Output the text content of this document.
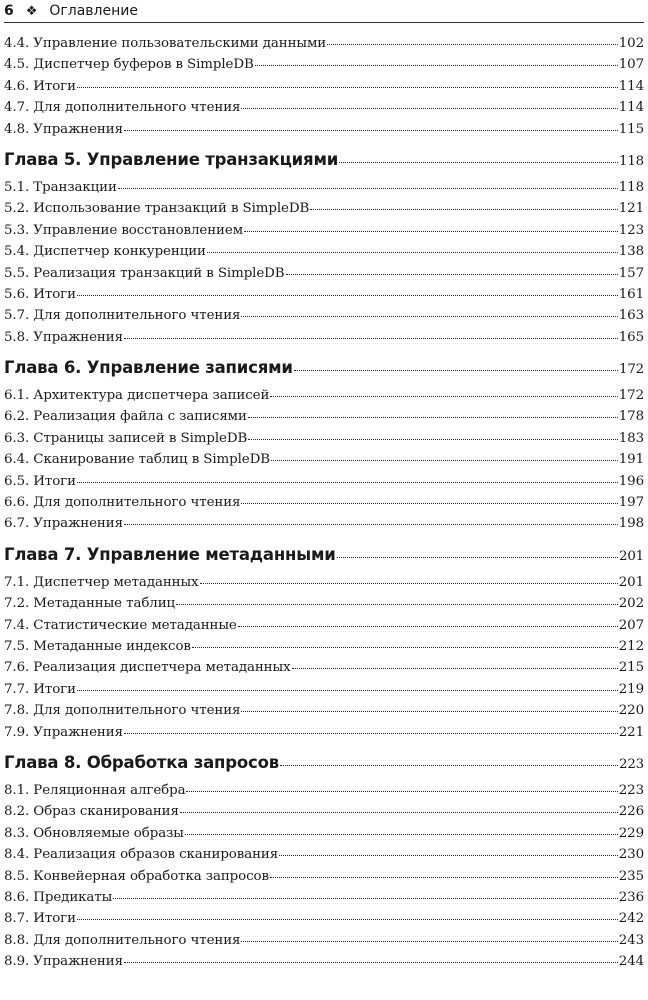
6 ❖ Оглавление
4.4. Управление пользовательскими данными	102
4.5. Диспетчер буферов в SimpleDB	107
4.6. Итоги	114
4.7. Для дополнительного чтения	114
4.8. Упражнения	115
Глава 5. Управление транзакциями	118
5.1. Транзакции	118
5.2. Использование транзакций в SimpleDB	121
5.3. Управление восстановлением	123
5.4. Диспетчер конкуренции	138
5.5. Реализация транзакций в SimpleDB	157
5.6. Итоги	161
5.7. Для дополнительного чтения	163
5.8. Упражнения	165
Глава 6. Управление записями	172
6.1. Архитектура диспетчера записей	172
6.2. Реализация файла с записями	178
6.3. Страницы записей в SimpleDB	183
6.4. Сканирование таблиц в SimpleDB	191
6.5. Итоги	196
6.6. Для дополнительного чтения	197
6.7. Упражнения	198
Глава 7. Управление метаданными	201
7.1. Диспетчер метаданных	201
7.2. Метаданные таблиц	202
7.4. Статистические метаданные	207
7.5. Метаданные индексов	212
7.6. Реализация диспетчера метаданных	215
7.7. Итоги	219
7.8. Для дополнительного чтения	220
7.9. Упражнения	221
Глава 8. Обработка запросов	223
8.1. Реляционная алгебра	223
8.2. Образ сканирования	226
8.3. Обновляемые образы	229
8.4. Реализация образов сканирования	230
8.5. Конвейерная обработка запросов	235
8.6. Предикаты	236
8.7. Итоги	242
8.8. Для дополнительного чтения	243
8.9. Упражнения	244
